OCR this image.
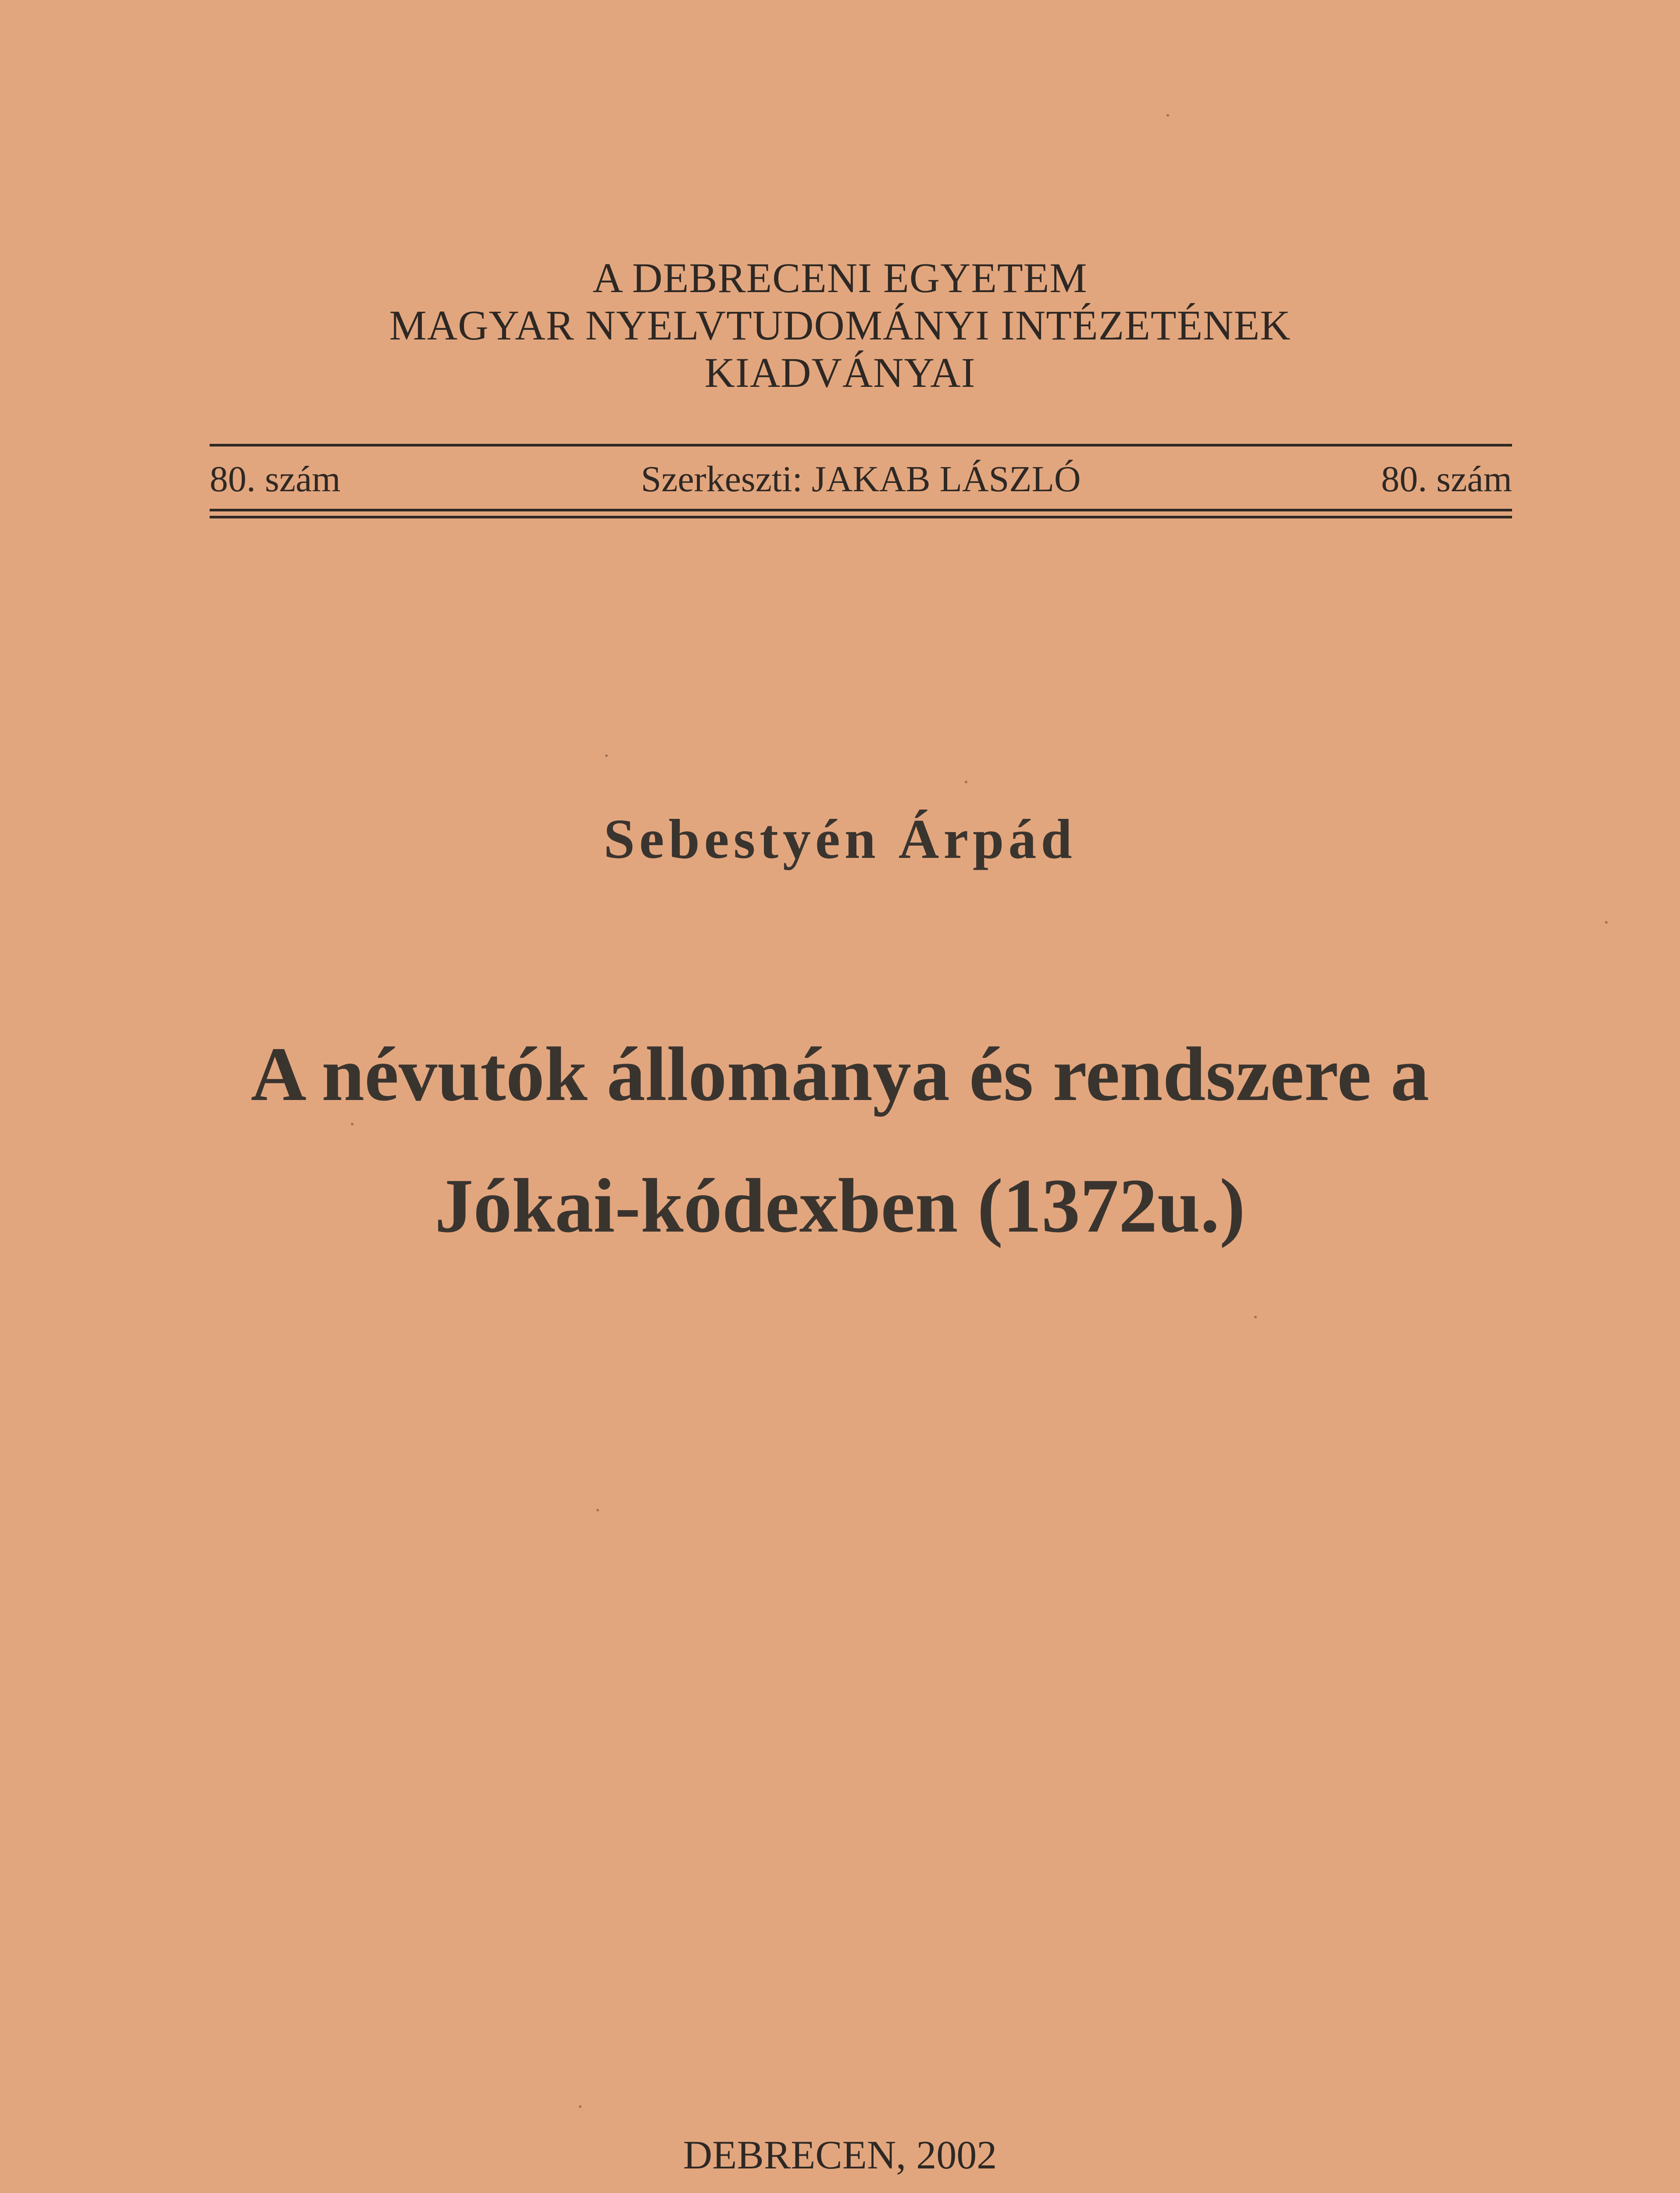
A DEBRECENI EGYETEM
MAGYAR NYELVTUDOMÁNYI INTÉZETÉNEK
KIADVÁNYAI
80. szám	Szerkeszti: JAKAB LÁSZLÓ	80. szám
Sebestyén Árpád
A névutók állománya és rendszere a
Jókai-kódexben (1372u.)
DEBRECEN, 2002
